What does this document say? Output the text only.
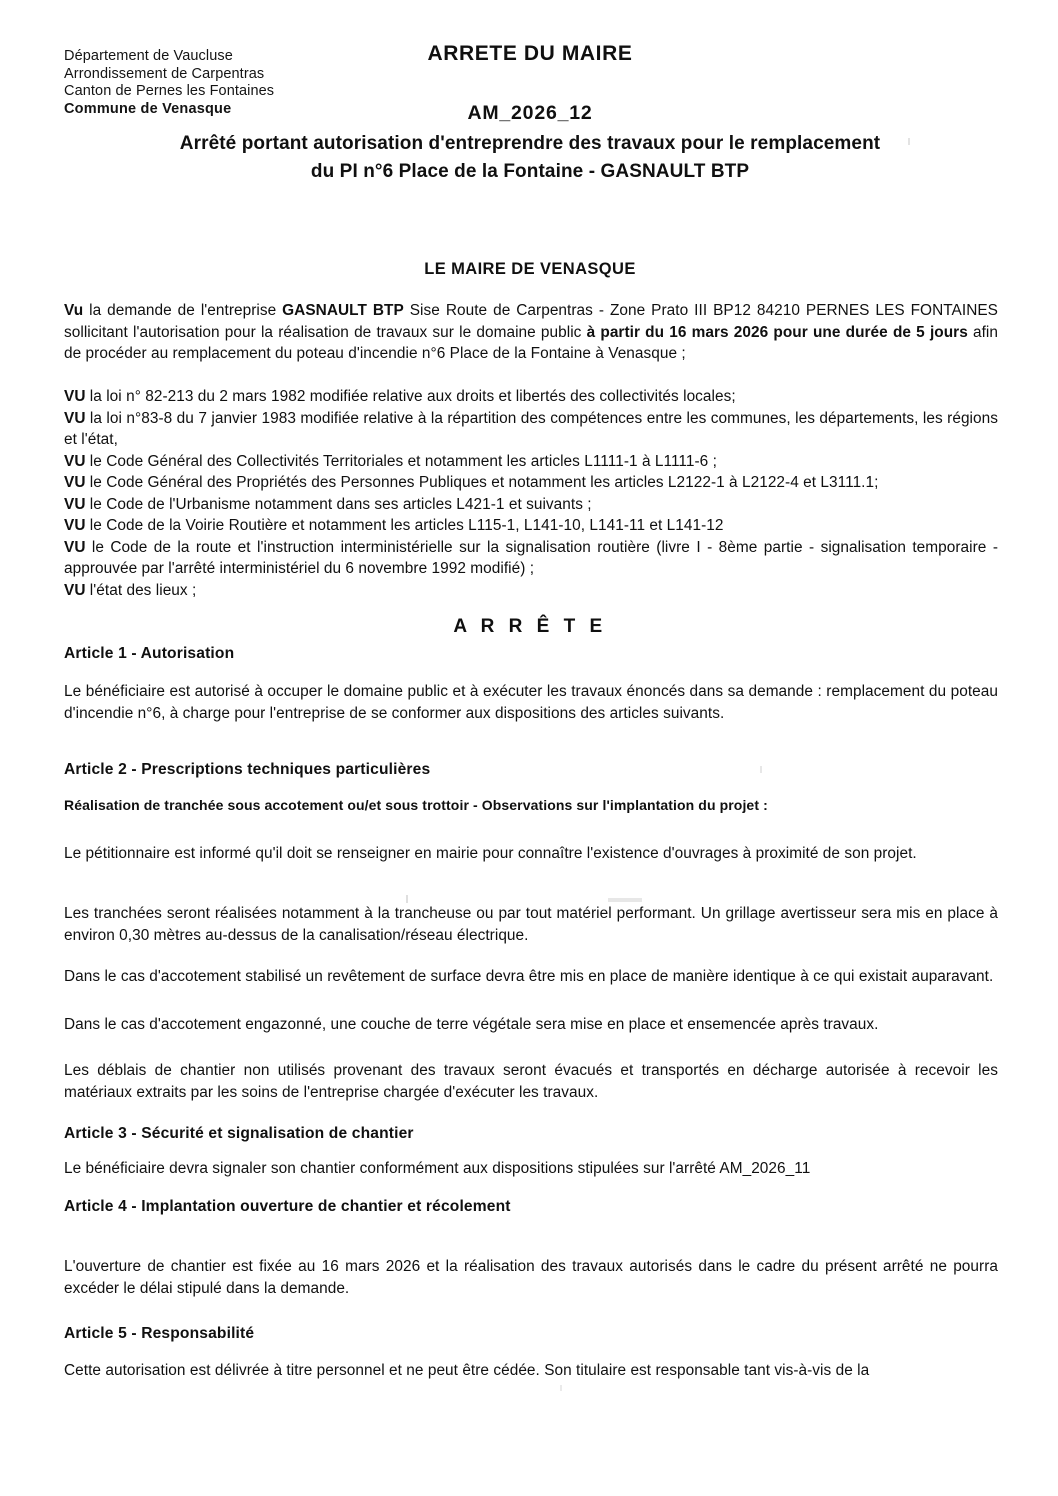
Département de Vaucluse
Arrondissement de Carpentras
Canton de Pernes les Fontaines
Commune de Venasque
ARRETE DU MAIRE
AM_2026_12
Arrêté portant autorisation d'entreprendre des travaux pour le remplacement
du PI n°6 Place de la Fontaine - GASNAULT BTP
LE MAIRE DE VENASQUE
Vu la demande de l'entreprise GASNAULT BTP Sise Route de Carpentras - Zone Prato III BP12 84210 PERNES LES FONTAINES sollicitant l'autorisation pour la réalisation de travaux sur le domaine public à partir du 16 mars 2026 pour une durée de 5 jours afin de procéder au remplacement du poteau d'incendie n°6 Place de la Fontaine à Venasque ;
VU la loi n° 82-213 du 2 mars 1982 modifiée relative aux droits et libertés des collectivités locales;
VU la loi n°83-8 du 7 janvier 1983 modifiée relative à la répartition des compétences entre les communes, les départements, les régions et l'état,
VU le Code Général des Collectivités Territoriales et notamment les articles L1111-1 à L1111-6 ;
VU le Code Général des Propriétés des Personnes Publiques et notamment les articles L2122-1 à L2122-4 et L3111.1;
VU le Code de l'Urbanisme notamment dans ses articles L421-1 et suivants ;
VU le Code de la Voirie Routière et notamment les articles L115-1, L141-10, L141-11 et L141-12
VU le Code de la route et l'instruction interministérielle sur la signalisation routière (livre I - 8ème partie - signalisation temporaire - approuvée par l'arrêté interministériel du 6 novembre 1992 modifié) ;
VU l'état des lieux ;
A R R Ê T E
Article 1 - Autorisation
Le bénéficiaire est autorisé à occuper le domaine public et à exécuter les travaux énoncés dans sa demande : remplacement du poteau d'incendie n°6, à charge pour l'entreprise de se conformer aux dispositions des articles suivants.
Article 2 - Prescriptions techniques particulières
Réalisation de tranchée sous accotement ou/et sous trottoir - Observations sur l'implantation du projet :
Le pétitionnaire est informé qu'il doit se renseigner en mairie pour connaître l'existence d'ouvrages à proximité de son projet.
Les tranchées seront réalisées notamment à la trancheuse ou par tout matériel performant. Un grillage avertisseur sera mis en place à environ 0,30 mètres au-dessus de la canalisation/réseau électrique.
Dans le cas d'accotement stabilisé un revêtement de surface devra être mis en place de manière identique à ce qui existait auparavant.
Dans le cas d'accotement engazonné, une couche de terre végétale sera mise en place et ensemencée après travaux.
Les déblais de chantier non utilisés provenant des travaux seront évacués et transportés en décharge autorisée à recevoir les matériaux extraits par les soins de l'entreprise chargée d'exécuter les travaux.
Article 3 - Sécurité et signalisation de chantier
Le bénéficiaire devra signaler son chantier conformément aux dispositions stipulées sur l'arrêté AM_2026_11
Article 4 - Implantation ouverture de chantier et récolement
L'ouverture de chantier est fixée au 16 mars 2026 et la réalisation des travaux autorisés dans le cadre du présent arrêté ne pourra excéder le délai stipulé dans la demande.
Article 5 - Responsabilité
Cette autorisation est délivrée à titre personnel et ne peut être cédée. Son titulaire est responsable tant vis-à-vis de la
